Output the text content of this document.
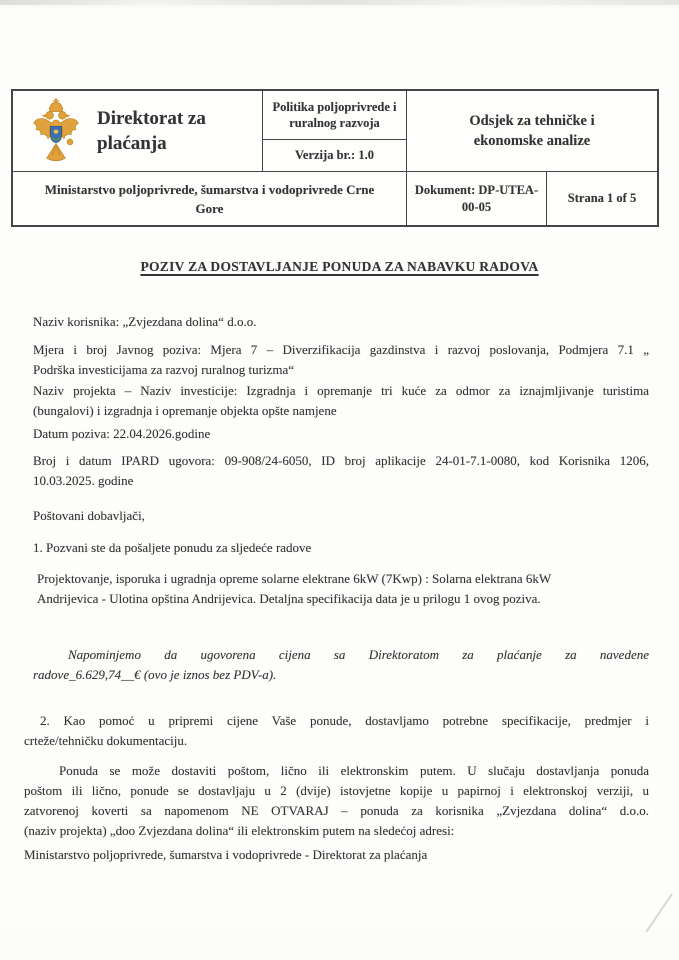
Direktorat za
plaćanja
Politika poljoprivrede i
ruralnog razvoja
Verzija br.: 1.0
Odsjek za tehničke i
ekonomske analize
Ministarstvo poljoprivrede, šumarstva i vodoprivrede Crne
Gore
Dokument: DP-UTEA-
00-05
Strana 1 of 5
POZIV ZA DOSTAVLJANJE PONUDA ZA NABAVKU RADOVA
Naziv korisnika: „Zvjezdana dolina“ d.o.o.
Mjera i broj Javnog poziva: Mjera 7 – Diverzifikacija gazdinstva i razvoj poslovanja, Podmjera 7.1 „
Podrška investicijama za razvoj ruralnog turizma“
Naziv projekta – Naziv investicije: Izgradnja i opremanje tri kuće za odmor za iznajmljivanje turistima
(bungalovi) i izgradnja i opremanje objekta opšte namjene
Datum poziva: 22.04.2026.godine
Broj i datum IPARD ugovora: 09-908/24-6050, ID broj aplikacije 24-01-7.1-0080, kod Korisnika 1206,
10.03.2025. godine
Poštovani dobavljači,
1. Pozvani ste da pošaljete ponudu za sljedeće radove
Projektovanje, isporuka i ugradnja opreme solarne elektrane 6kW (7Kwp) : Solarna elektrana 6kW
Andrijevica - Ulotina opština Andrijevica. Detaljna specifikacija data je u prilogu 1 ovog poziva.
Napominjemo da ugovorena cijena sa Direktoratom za plaćanje za navedene
radove_6.629,74__€ (ovo je iznos bez PDV-a).
2. Kao pomoć u pripremi cijene Vaše ponude, dostavljamo potrebne specifikacije, predmjer i
crteže/tehničku dokumentaciju.
Ponuda se može dostaviti poštom, lično ili elektronskim putem. U slučaju dostavljanja ponuda
poštom ili lično, ponude se dostavljaju u 2 (dvije) istovjetne kopije u papirnoj i elektronskoj verziji, u
zatvorenoj koverti sa napomenom NE OTVARAJ – ponuda za korisnika „Zvjezdana dolina“ d.o.o.
(naziv projekta) „doo Zvjezdana dolina“ ili elektronskim putem na sledećoj adresi:
Ministarstvo poljoprivrede, šumarstva i vodoprivrede - Direktorat za plaćanja
